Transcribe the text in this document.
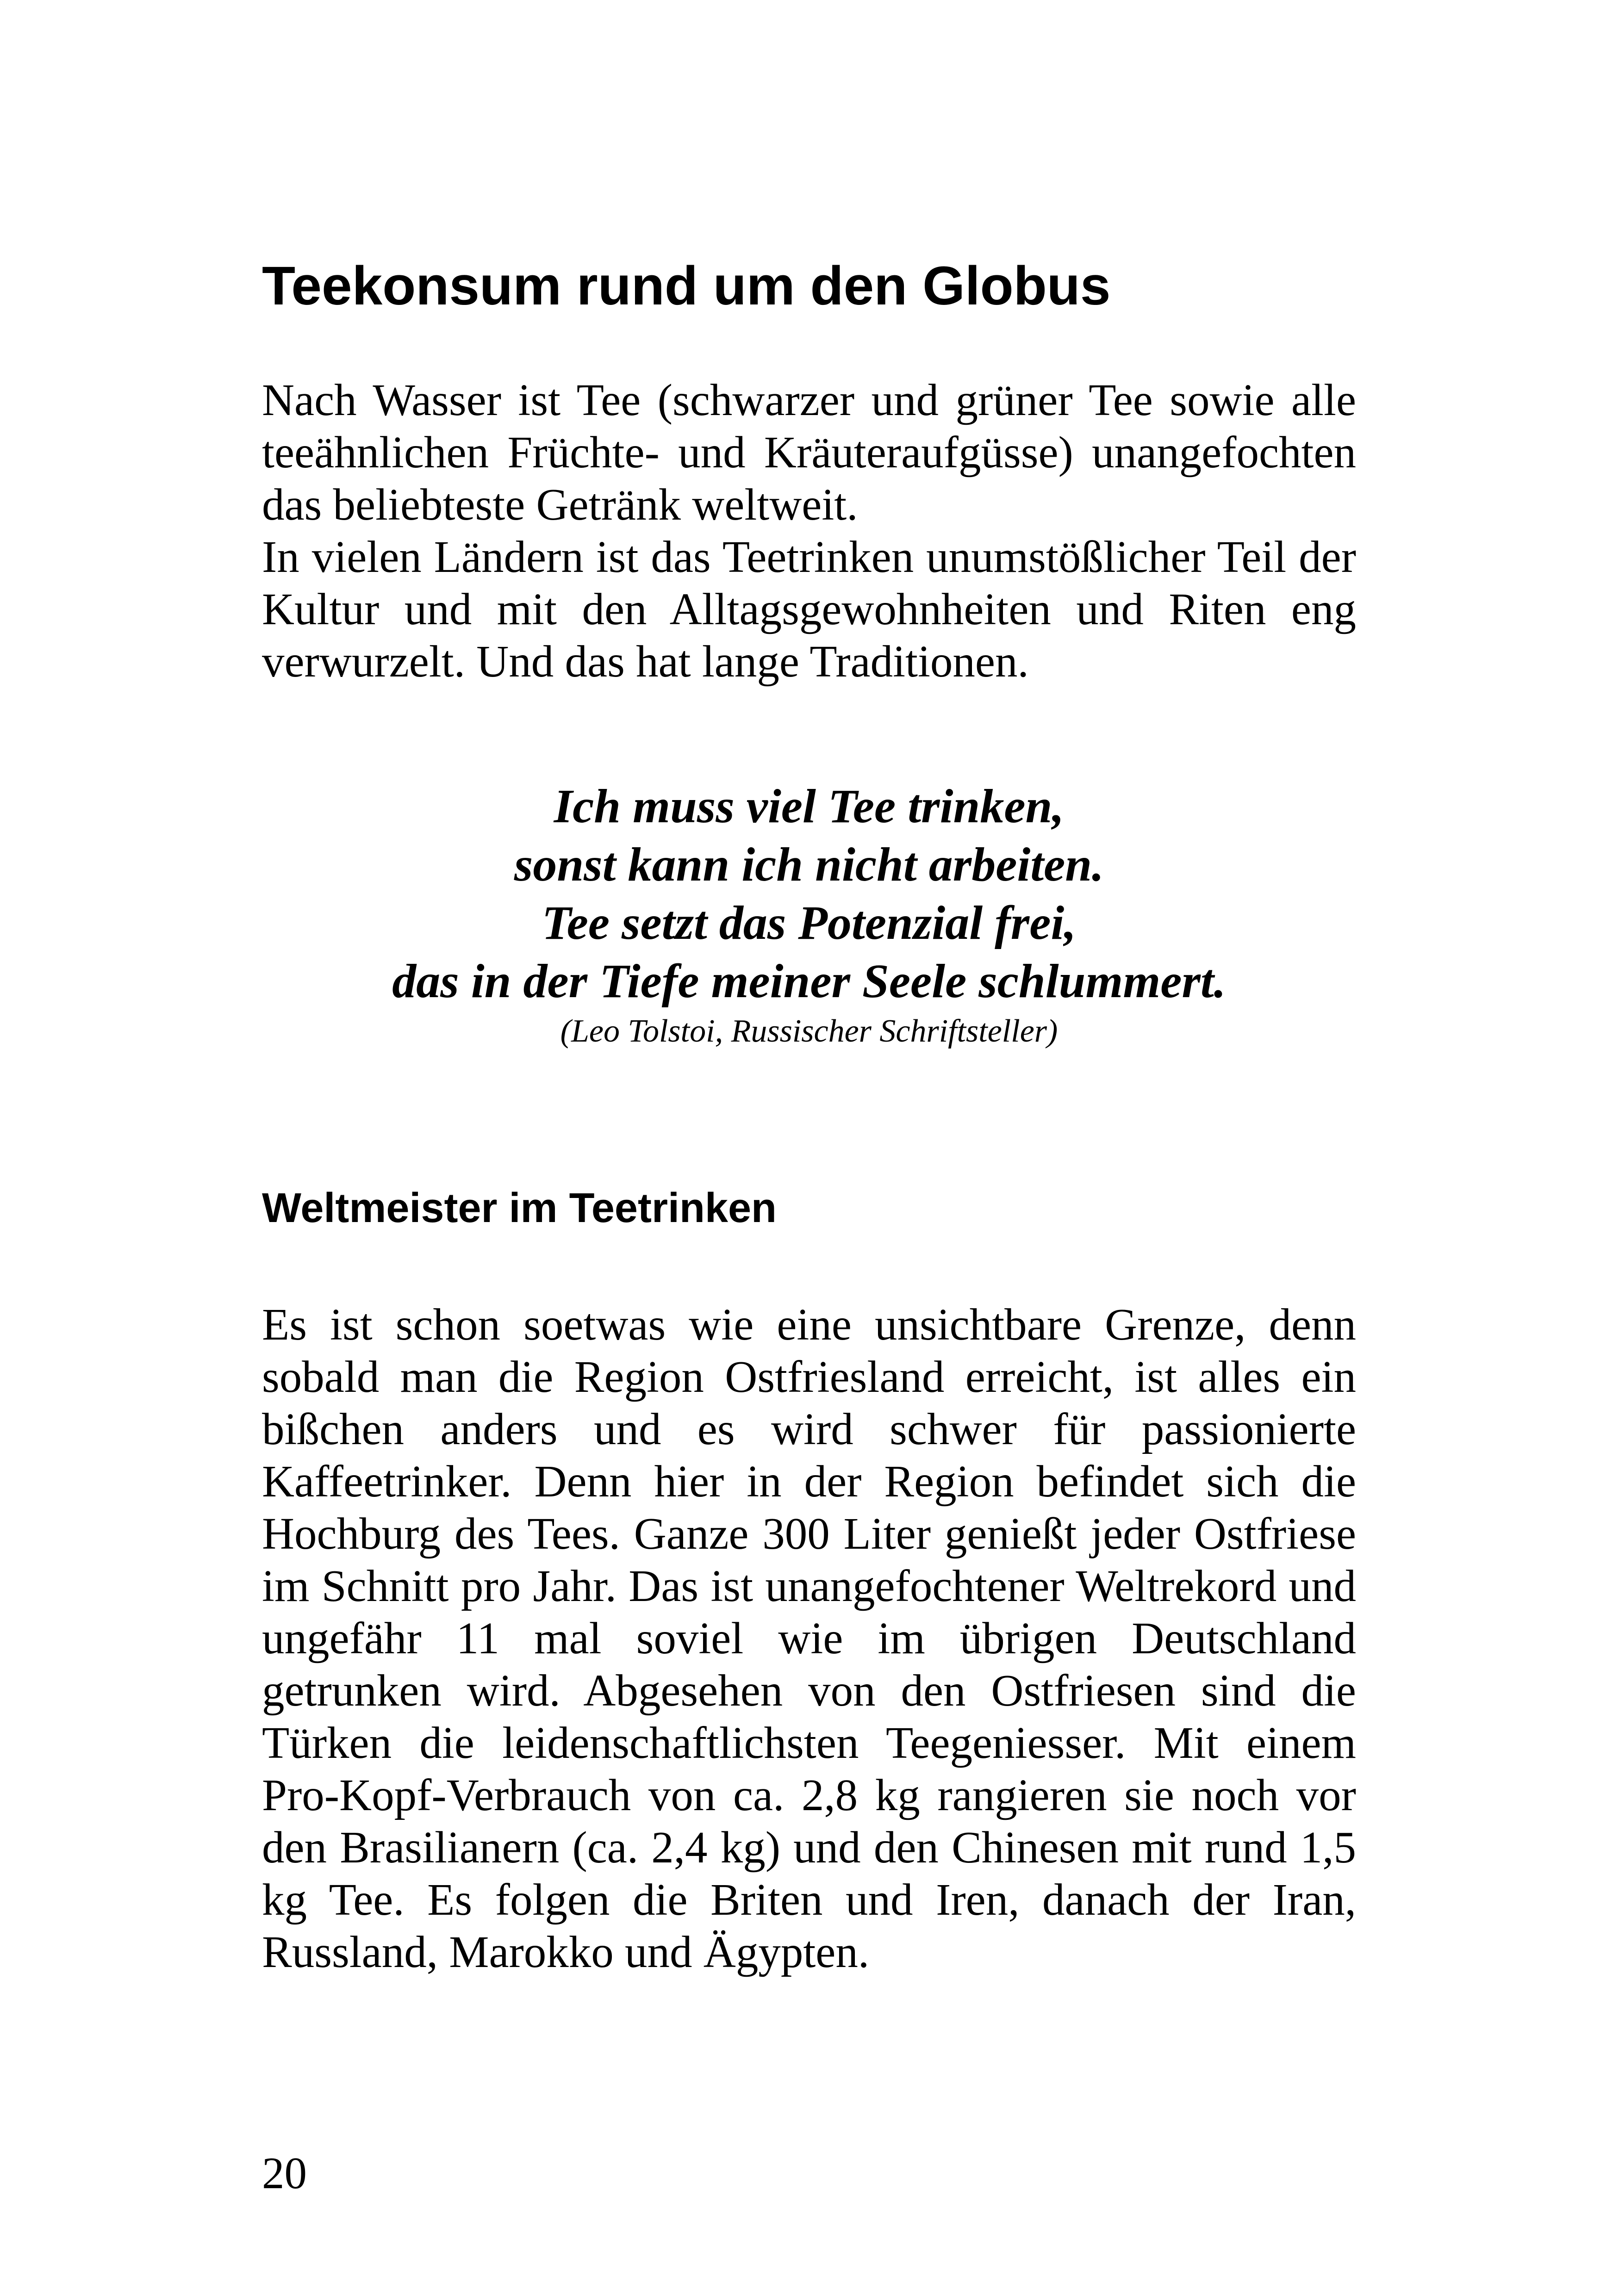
Teekonsum rund um den Globus

Nach Wasser ist Tee (schwarzer und grüner Tee sowie alle teeähnlichen Früchte- und Kräuteraufgüsse) unangefochten das beliebteste Getränk weltweit.

In vielen Ländern ist das Teetrinken unumstößlicher Teil der Kultur und mit den Alltagsgewohnheiten und Riten eng verwurzelt. Und das hat lange Traditionen.

Ich muss viel Tee trinken,
sonst kann ich nicht arbeiten.
Tee setzt das Potenzial frei,
das in der Tiefe meiner Seele schlummert.
(Leo Tolstoi, Russischer Schriftsteller)
Weltmeister im Teetrinken

Es ist schon soetwas wie eine unsichtbare Grenze, denn sobald man die Region Ostfriesland erreicht, ist alles ein bißchen anders und es wird schwer für passionierte Kaffeetrinker. Denn hier in der Region befindet sich die Hochburg des Tees. Ganze 300 Liter genießt jeder Ostfriese im Schnitt pro Jahr. Das ist unangefochtener Weltrekord und ungefähr 11 mal soviel wie im übrigen Deutschland getrunken wird. Abgesehen von den Ostfriesen sind die Türken die leidenschaftlichsten Teegeniesser. Mit einem Pro-Kopf-Verbrauch von ca. 2,8 kg rangieren sie noch vor den Brasilianern (ca. 2,4 kg) und den Chinesen mit rund 1,5 kg Tee. Es folgen die Briten und Iren, danach der Iran, Russland, Marokko und Ägypten.

20
